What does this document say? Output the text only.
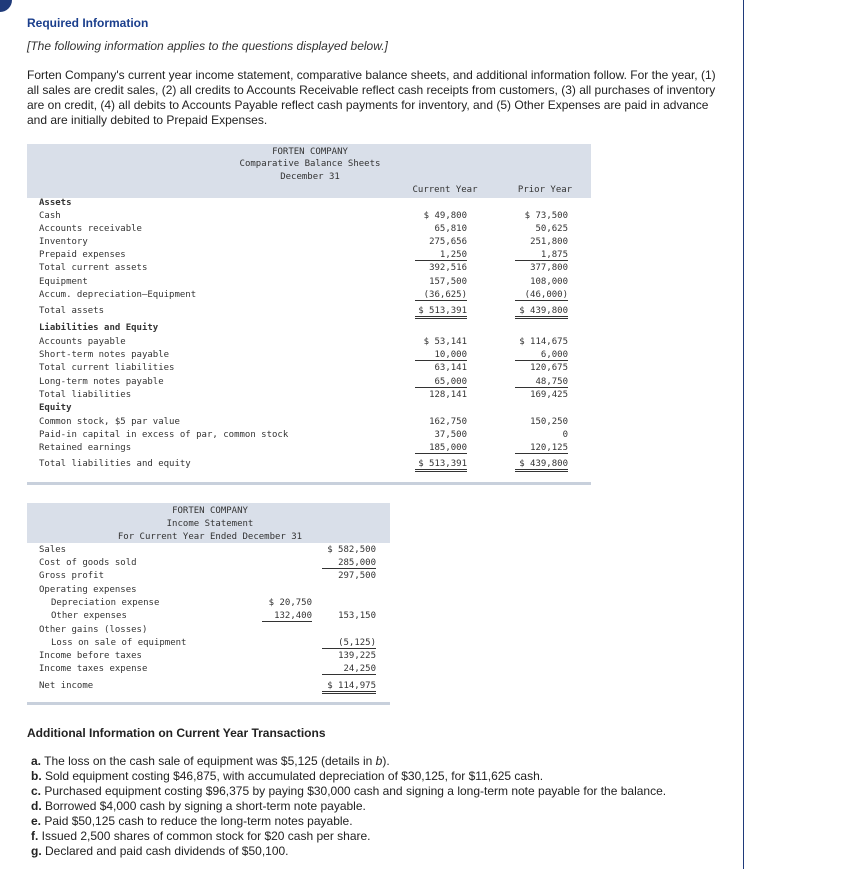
Required Information
[The following information applies to the questions displayed below.]
Forten Company's current year income statement, comparative balance sheets, and additional information follow. For the year, (1) all sales are credit sales, (2) all credits to Accounts Receivable reflect cash receipts from customers, (3) all purchases of inventory are on credit, (4) all debits to Accounts Payable reflect cash payments for inventory, and (5) Other Expenses are paid in advance and are initially debited to Prepaid Expenses.
FORTEN COMPANY
Comparative Balance Sheets
December 31
Current Year	Prior Year
Assets
Cash	$ 49,800	$ 73,500
Accounts receivable	65,810	50,625
Inventory	275,656	251,800
Prepaid expenses	1,250	1,875
Total current assets	392,516	377,800
Equipment	157,500	108,000
Accum. depreciation—Equipment	(36,625)	(46,000)
Total assets	$ 513,391	$ 439,800
Liabilities and Equity
Accounts payable	$ 53,141	$ 114,675
Short-term notes payable	10,000	6,000
Total current liabilities	63,141	120,675
Long-term notes payable	65,000	48,750
Total liabilities	128,141	169,425
Equity
Common stock, $5 par value	162,750	150,250
Paid-in capital in excess of par, common stock	37,500	0
Retained earnings	185,000	120,125
Total liabilities and equity	$ 513,391	$ 439,800
FORTEN COMPANY
Income Statement
For Current Year Ended December 31
Sales	$ 582,500
Cost of goods sold	285,000
Gross profit	297,500
Operating expenses
Depreciation expense	$ 20,750
Other expenses	132,400	153,150
Other gains (losses)
Loss on sale of equipment	(5,125)
Income before taxes	139,225
Income taxes expense	24,250
Net income	$ 114,975
Additional Information on Current Year Transactions
a. The loss on the cash sale of equipment was $5,125 (details in b).
b. Sold equipment costing $46,875, with accumulated depreciation of $30,125, for $11,625 cash.
c. Purchased equipment costing $96,375 by paying $30,000 cash and signing a long-term note payable for the balance.
d. Borrowed $4,000 cash by signing a short-term note payable.
e. Paid $50,125 cash to reduce the long-term notes payable.
f. Issued 2,500 shares of common stock for $20 cash per share.
g. Declared and paid cash dividends of $50,100.
